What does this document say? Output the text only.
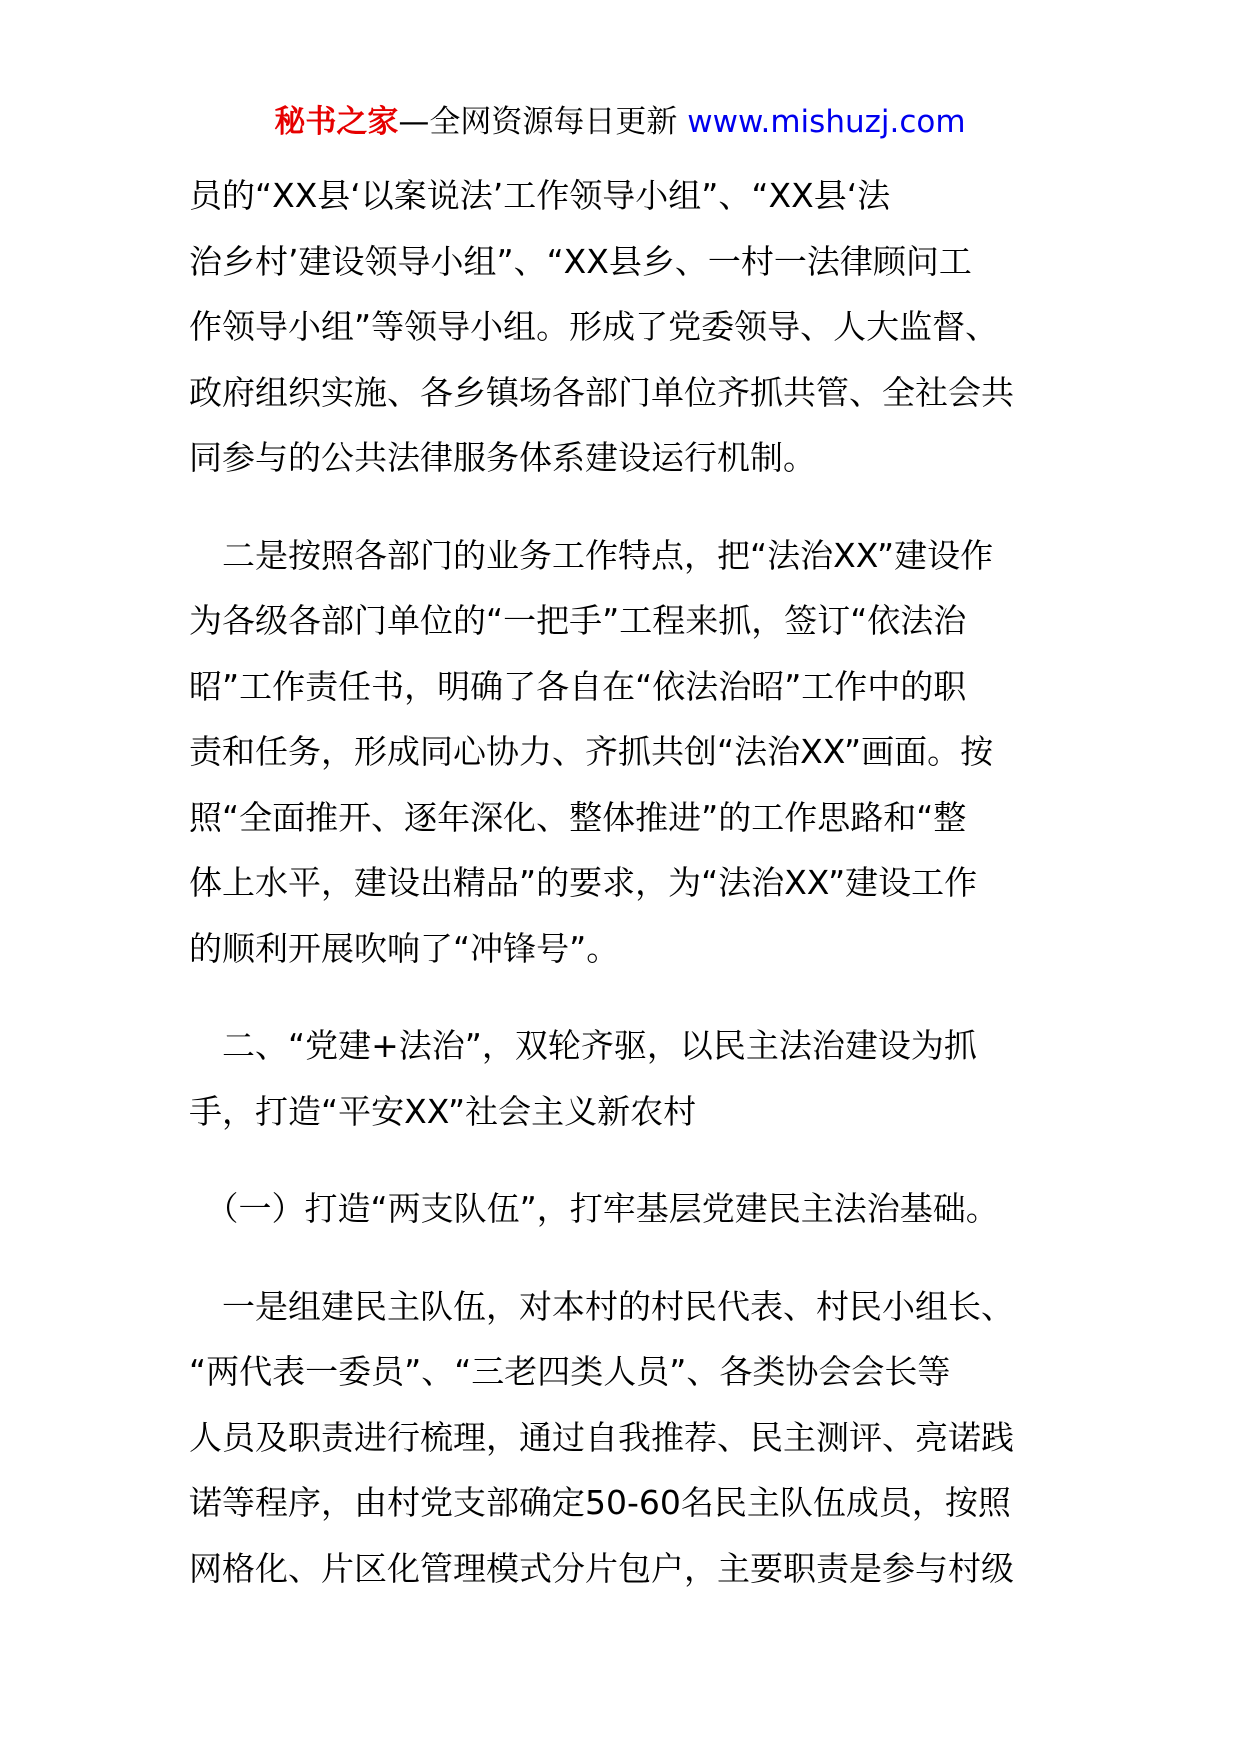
秘书之家—全网资源每日更新 www.mishuzj.com
员的“XX县‘以案说法’工作领导小组”、“XX县‘法
治乡村’建设领导小组”、“XX县乡、一村一法律顾问工
作领导小组”等领导小组。形成了党委领导、人大监督、
政府组织实施、各乡镇场各部门单位齐抓共管、全社会共
同参与的公共法律服务体系建设运行机制。
　二是按照各部门的业务工作特点，把“法治XX”建设作
为各级各部门单位的“一把手”工程来抓，签订“依法治
昭”工作责任书，明确了各自在“依法治昭”工作中的职
责和任务，形成同心协力、齐抓共创“法治XX”画面。按
照“全面推开、逐年深化、整体推进”的工作思路和“整
体上水平，建设出精品”的要求，为“法治XX”建设工作
的顺利开展吹响了“冲锋号”。
　二、“党建+法治”，双轮齐驱，以民主法治建设为抓
手，打造“平安XX”社会主义新农村
　（一）打造“两支队伍”，打牢基层党建民主法治基础。
　一是组建民主队伍，对本村的村民代表、村民小组长、
“两代表一委员”、“三老四类人员”、各类协会会长等
人员及职责进行梳理，通过自我推荐、民主测评、亮诺践
诺等程序，由村党支部确定50-60名民主队伍成员，按照
网格化、片区化管理模式分片包户，主要职责是参与村级
